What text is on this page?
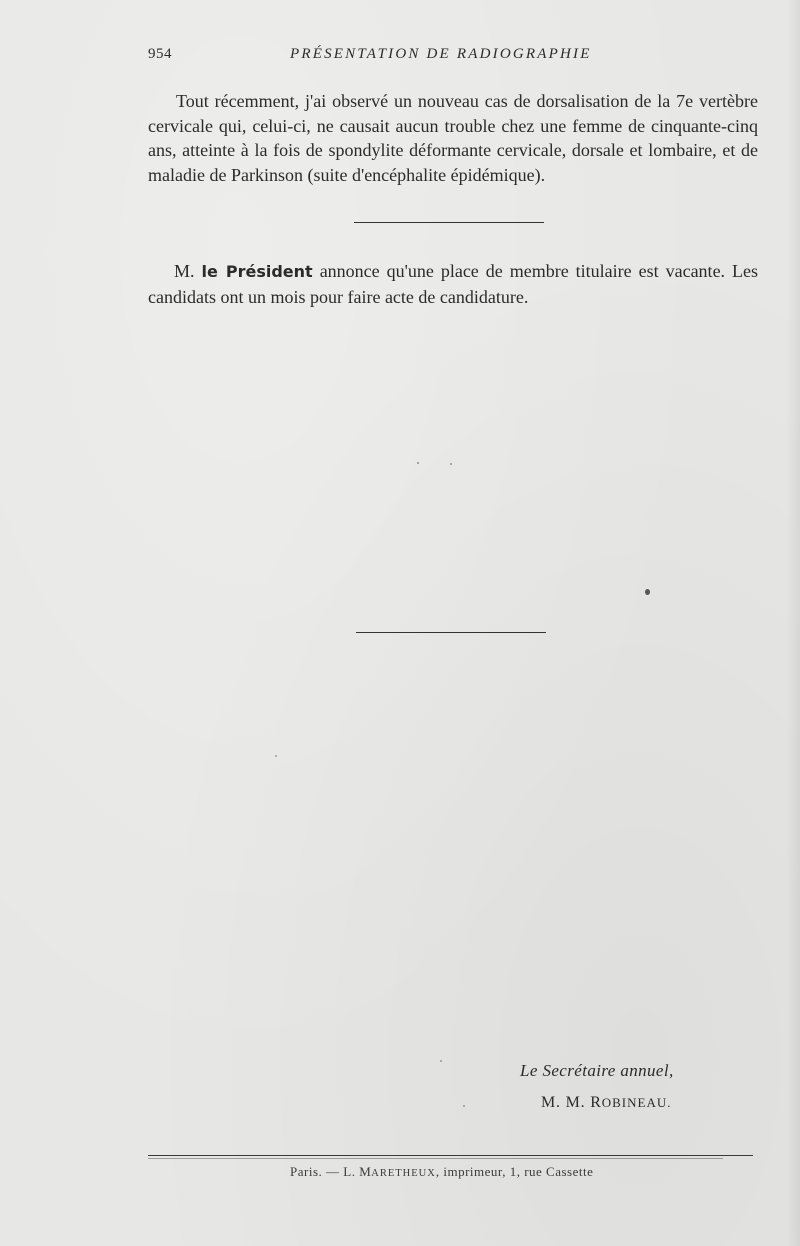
954	PRÉSENTATION DE RADIOGRAPHIE

Tout récemment, j'ai observé un nouveau cas de dorsalisation de la 7e vertèbre cervicale qui, celui-ci, ne causait aucun trouble chez une femme de cinquante-cinq ans, atteinte à la fois de spondylite déformante cervicale, dorsale et lombaire, et de maladie de Parkinson (suite d'encéphalite épidémique).

M. le Président annonce qu'une place de membre titulaire est vacante. Les candidats ont un mois pour faire acte de candidature.

Le Secrétaire annuel,
M. M. ROBINEAU.
Paris. — L. MARETHEUX, imprimeur, 1, rue Cassette
